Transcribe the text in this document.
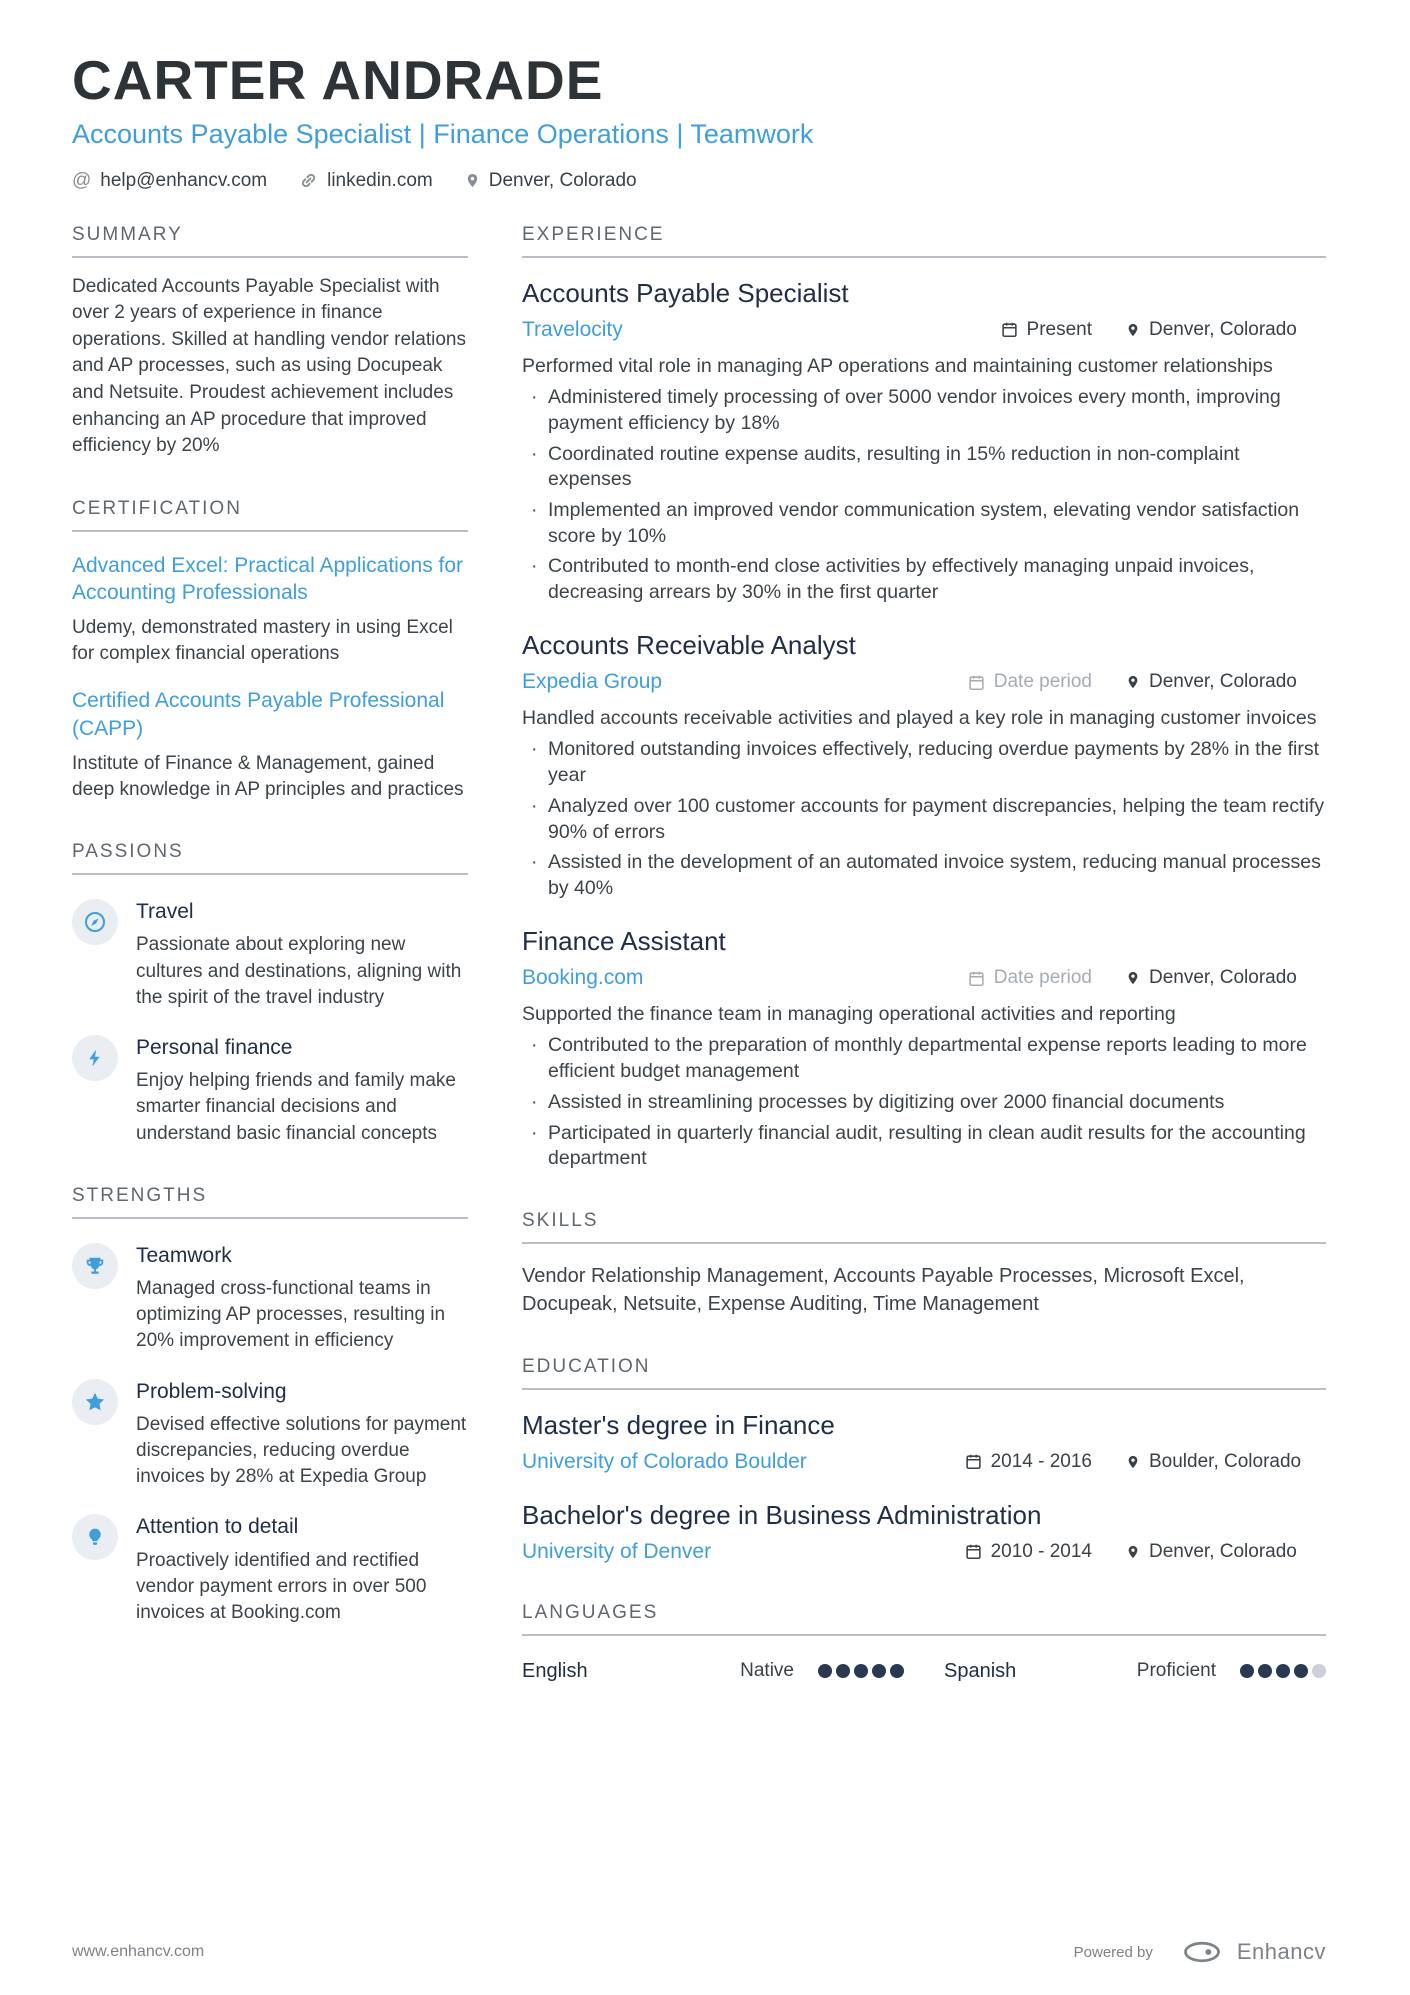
CARTER ANDRADE
Accounts Payable Specialist | Finance Operations | Teamwork
@
help@enhancv.com	linkedin.com	Denver, Colorado
SUMMARY

Dedicated Accounts Payable Specialist with over 2 years of experience in finance operations. Skilled at handling vendor relations and AP processes, such as using Docupeak and Netsuite. Proudest achievement includes enhancing an AP procedure that improved efficiency by 20%

CERTIFICATION
Advanced Excel: Practical Applications for Accounting Professionals

Udemy, demonstrated mastery in using Excel for complex financial operations

Certified Accounts Payable Professional (CAPP)

Institute of Finance & Management, gained deep knowledge in AP principles and practices

PASSIONS
Travel

Passionate about exploring new cultures and destinations, aligning with the spirit of the travel industry

Personal finance

Enjoy helping friends and family make smarter financial decisions and understand basic financial concepts

STRENGTHS
Teamwork

Managed cross-functional teams in optimizing AP processes, resulting in 20% improvement in efficiency

Problem-solving

Devised effective solutions for payment discrepancies, reducing overdue invoices by 28% at Expedia Group

Attention to detail

Proactively identified and rectified vendor payment errors in over 500 invoices at Booking.com

EXPERIENCE
Accounts Payable Specialist
Travelocity	Present	Denver, Colorado

Performed vital role in managing AP operations and maintaining customer relationships

· Administered timely processing of over 5000 vendor invoices every month, improving payment efficiency by 18%
· Coordinated routine expense audits, resulting in 15% reduction in non-complaint expenses
· Implemented an improved vendor communication system, elevating vendor satisfaction score by 10%
· Contributed to month-end close activities by effectively managing unpaid invoices, decreasing arrears by 30% in the first quarter
Accounts Receivable Analyst
Expedia Group	Date period	Denver, Colorado

Handled accounts receivable activities and played a key role in managing customer invoices

· Monitored outstanding invoices effectively, reducing overdue payments by 28% in the first year
· Analyzed over 100 customer accounts for payment discrepancies, helping the team rectify 90% of errors
· Assisted in the development of an automated invoice system, reducing manual processes by 40%
Finance Assistant
Booking.com	Date period	Denver, Colorado

Supported the finance team in managing operational activities and reporting

· Contributed to the preparation of monthly departmental expense reports leading to more efficient budget management
· Assisted in streamlining processes by digitizing over 2000 financial documents
· Participated in quarterly financial audit, resulting in clean audit results for the accounting department
SKILLS

Vendor Relationship Management, Accounts Payable Processes, Microsoft Excel, Docupeak, Netsuite, Expense Auditing, Time Management

EDUCATION
Master's degree in Finance
University of Colorado Boulder	2014 - 2016	Boulder, Colorado
Bachelor's degree in Business Administration
University of Denver	2010 - 2014	Denver, Colorado
LANGUAGES
English	Native	Spanish	Proficient
www.enhancv.com	Powered by	Enhancv
